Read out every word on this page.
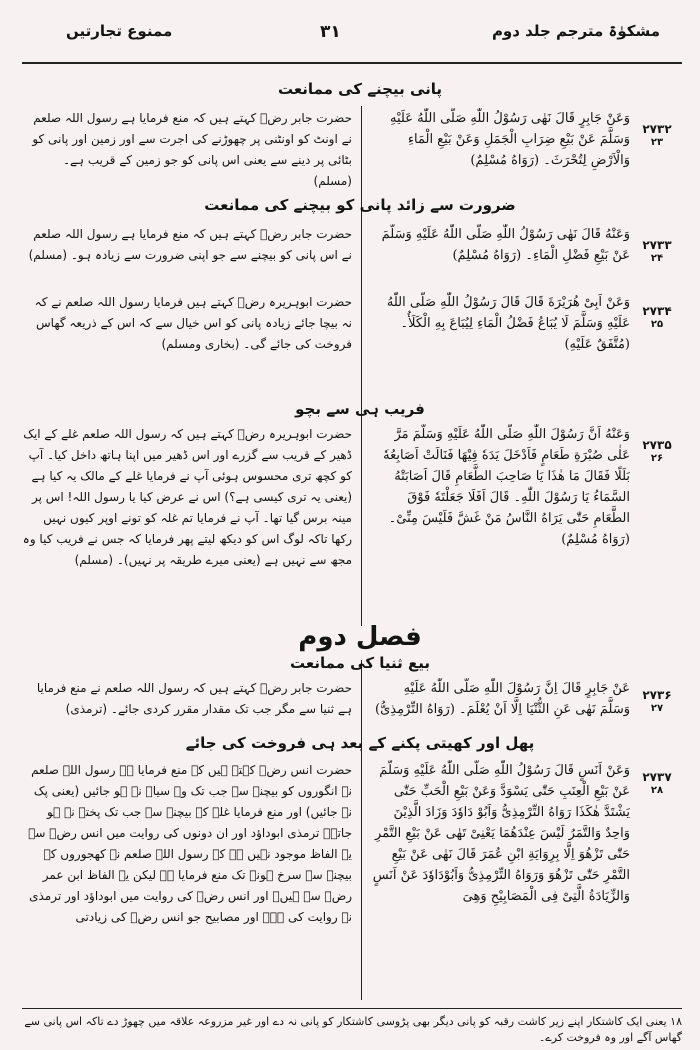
ممنوع تجارتیں	۳۱	مشکوٰۃ مترجم جلد دوم
پانی بیچنے کی ممانعت
۲۷۳۲
۲۳
وَعَنْ جَابِرٍ قَالَ نَهٰى رَسُوْلُ اللّٰهِ صَلَّى اللّٰهُ عَلَيْهِ وَسَلَّمَ عَنْ بَيْعِ ضِرَابِ الْجَمَلِ وَعَنْ بَيْعِ الْمَاءِ وَالْاَرْضِ لِتُحْرَثَ۔ (رَوَاهُ مُسْلِمٌ)
حضرت جابر رضؓ کہتے ہیں کہ منع فرمایا ہے رسول اللہ صلعم نے اونٹ کو اونٹنی پر چھوڑنے کی اجرت سے اور زمین اور پانی کو بٹائی پر دینے سے یعنی اس پانی کو جو زمین کے قریب ہے۔ (مسلم)
ضرورت سے زائد پانی کو بیچنے کی ممانعت
۲۷۳۳
۲۴
وَعَنْهُ قَالَ نَهٰى رَسُوْلُ اللّٰهِ صَلَّى اللّٰهُ عَلَيْهِ وَسَلَّمَ عَنْ بَيْعِ فَضْلِ الْمَاءِ۔ (رَوَاهُ مُسْلِمٌ)
حضرت جابر رضؓ کہتے ہیں کہ منع فرمایا ہے رسول اللہ صلعم نے اس پانی کو بیچنے سے جو اپنی ضرورت سے زیادہ ہو۔ (مسلم)
۲۷۳۴
۲۵
وَعَنْ اَبِىْ هُرَيْرَةَ قَالَ قَالَ رَسُوْلُ اللّٰهِ صَلَّى اللّٰهُ عَلَيْهِ وَسَلَّمَ لَا يُبَاعُ فَضْلُ الْمَاءِ لِيُبَاعَ بِهِ الْكَلَأُ۔ (مُتَّفَقٌ عَلَيْهِ)
حضرت ابوہریرہ رضؓ کہتے ہیں فرمایا رسول اللہ صلعم نے کہ نہ بیچا جائے زیادہ پانی کو اس خیال سے کہ اس کے ذریعہ گھاس فروخت کی جائے گی۔ (بخاری ومسلم)
فریب ہی سے بچو
۲۷۳۵
۲۶
وَعَنْهُ اَنَّ رَسُوْلَ اللّٰهِ صَلَّى اللّٰهُ عَلَيْهِ وَسَلَّمَ مَرَّ عَلٰى صُبْرَةِ طَعَامٍ فَاَدْخَلَ يَدَهٗ فِيْهَا فَنَالَتْ اَصَابِعُهٗ بَلَلًا فَقَالَ مَا هٰذَا يَا صَاحِبَ الطَّعَامِ قَالَ اَصَابَتْهُ السَّمَاءُ يَا رَسُوْلَ اللّٰهِ۔ قَالَ اَفَلَا جَعَلْتَهٗ فَوْقَ الطَّعَامِ حَتّٰى يَرَاهُ النَّاسُ مَنْ غَشَّ فَلَيْسَ مِنِّىْ۔ (رَوَاهُ مُسْلِمٌ)
حضرت ابوہریرہ رضؓ کہتے ہیں کہ رسول اللہ صلعم غلے کے ایک ڈھیر کے قریب سے گزرے اور اس ڈھیر میں اپنا ہاتھ داخل کیا۔ آپ کو کچھ تری محسوس ہوئی آپ نے فرمایا غلے کے مالک یہ کیا ہے (یعنی یہ تری کیسی ہے؟) اس نے عرض کیا یا رسول اللہ! اس پر مینہ برس گیا تھا۔ آپ نے فرمایا تم غلہ کو تونے اوپر کیوں نہیں رکھا تاکہ لوگ اس کو دیکھ لیتے پھر فرمایا کہ جس نے فریب کیا وہ مجھ سے نہیں ہے (یعنی میرے طریقہ پر نہیں)۔ (مسلم)
فصل دوم
بیع ثنیا کی ممانعت
۲۷۳۶
۲۷
عَنْ جَابِرٍ قَالَ اِنَّ رَسُوْلَ اللّٰهِ صَلَّى اللّٰهُ عَلَيْهِ وَسَلَّمَ نَهٰى عَنِ الثُّنْيَا اِلَّا اَنْ يُعْلَمَ۔ (رَوَاهُ التِّرْمِذِىُّ)
حضرت جابر رضؓ کہتے ہیں کہ رسول اللہ صلعم نے منع فرمایا ہے ثنیا سے مگر جب تک مقدار مقرر کردی جائے۔ (ترمذی)
پھل اور کھیتی پکنے کے بعد ہی فروخت کی جائے
۲۷۳۷
۲۸
وَعَنْ اَنَسٍ قَالَ رَسُوْلُ اللّٰهِ صَلَّى اللّٰهُ عَلَيْهِ وَسَلَّمَ عَنْ بَيْعِ الْعِنَبِ حَتّٰى يَسْوَدَّ وَعَنْ بَيْعِ الْحَبِّ حَتّٰى يَشْتَدَّ هٰكَذَا رَوَاهُ التِّرْمِذِىُّ وَاَبُوْ دَاوٗدَ وَزَادَ الَّذِيْنَ وَاحِدٌ وَالتَّمَرُ لَيْسَ عِنْدَهُمَا يَعْنِىْ تَهٰى عَنْ بَيْعِ التَّمْرِ حَتّٰى تَزْهُوَ اِلَّا بِرِوَايَةِ ابْنِ عُمَرَ قَالَ نَهٰى عَنْ بَيْعِ التَّمْرِ حَتّٰى تَزْهُوَ وَرَوَاهُ التِّرْمِذِىُّ وَاَبُوْدَاوٗدَ عَنْ اَنَسٍ وَالزِّيَادَةُ الَّتِىْ فِى الْمَصَابِيْحِ وَهِىَ
حضرت انس رضؓ کہتے ہیں کہ منع فرمایا ہے رسول اللہ صلعم نے انگوروں کو بیچنے سے جب تک وہ سیاہ نہ ہو جائیں (یعنی پک نہ جائیں) اور منع فرمایا غلہ کے بیچنے سے جب تک پختہ نہ ہو جاتے۔ ترمذی ابوداؤد اور ان دونوں کی روایت میں انس رضؓ سے یہ الفاظ موجود نہیں ہے کہ رسول اللہ صلعم نے کھجوروں کے بیچنے سے سرخ ہونے تک منع فرمایا ہے لیکن یہ الفاظ ابن عمر رضؓ سے ہیں۔ اور انس رضؓ کی روایت میں ابوداؤد اور ترمذی نے روایت کی ہے۔ اور مصابیح جو انس رضؓ کی زیادتی
۱۸ یعنی ایک کاشتکار اپنے زیر کاشت رقبہ کو پانی دیگر بھی پڑوسی کاشتکار کو پانی نہ دے اور غیر مزروعہ علاقہ میں چھوڑ دے تاکہ اس پانی سے گھاس آگے اور وہ فروخت کرے۔
